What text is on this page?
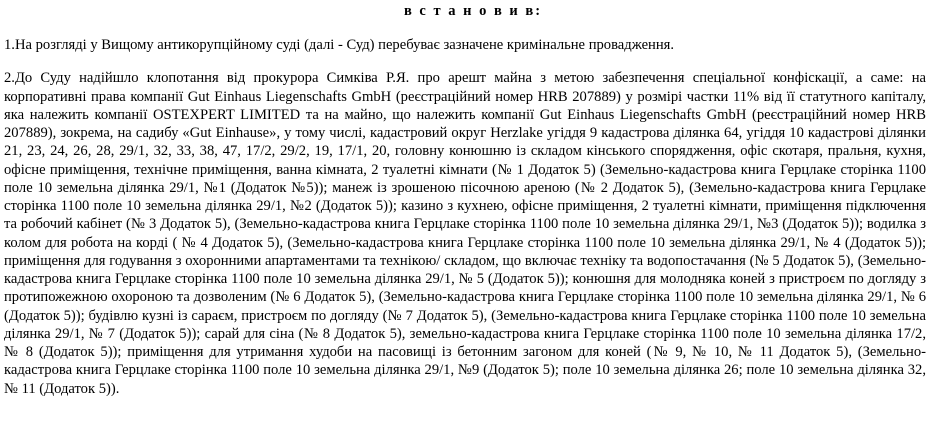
в с т а н о в и в:

1.На розгляді у Вищому антикорупційному суді (далі - Суд) перебуває зазначене кримінальне провадження.

2.До Суду надійшло клопотання від прокурора Симківа Р.Я. про арешт майна з метою забезпечення спеціальної конфіскації, а саме: на корпоративні права компанії Gut Einhaus Liegenschafts GmbH (реєстраційний номер HRB 207889) у розмірі частки 11% від її статутного капіталу, яка належить компанії OSTEXPERT LIMITED та на майно, що належить компанії Gut Einhaus Liegenschafts GmbH (реєстраційний номер HRB 207889), зокрема, на садибу «Gut Einhause», у тому числі, кадастровий округ Herzlake угіддя 9 кадастрова ділянка 64, угіддя 10 кадастрові ділянки 21, 23, 24, 26, 28, 29/1, 32, 33, 38, 47, 17/2, 29/2, 19, 17/1, 20, головну конюшню із складом кінського спорядження, офіс скотаря, пральня, кухня, офісне приміщення, технічне приміщення, ванна кімната, 2 туалетні кімнати (№ 1 Додаток 5) (Земельно-кадастрова книга Герцлаке сторінка 1100 поле 10 земельна ділянка 29/1, №1 (Додаток №5)); манеж із зрошеною пісочною ареною (№ 2 Додаток 5), (Земельно-кадастрова книга Герцлаке сторінка 1100 поле 10 земельна ділянка 29/1, №2 (Додаток 5)); казино з кухнею, офісне приміщення, 2 туалетні кімнати, приміщення підключення та робочий кабінет (№ 3 Додаток 5), (Земельно-кадастрова книга Герцлаке сторінка 1100 поле 10 земельна ділянка 29/1, №3 (Додаток 5)); водилка з колом для робота на корді ( № 4 Додаток 5), (Земельно-кадастрова книга Герцлаке сторінка 1100 поле 10 земельна ділянка 29/1, № 4 (Додаток 5)); приміщення для годування з охоронними апартаментами та технікою/ складом, що включає техніку та водопостачання (№ 5 Додаток 5), (Земельно-кадастрова книга Герцлаке сторінка 1100 поле 10 земельна ділянка 29/1, № 5 (Додаток 5)); конюшня для молодняка коней з пристроєм по догляду з протипожежною охороною та дозволеним (№ 6 Додаток 5), (Земельно-кадастрова книга Герцлаке сторінка 1100 поле 10 земельна ділянка 29/1, № 6 (Додаток 5)); будівлю кузні із сараєм, пристроєм по догляду (№ 7 Додаток 5), (Земельно-кадастрова книга Герцлаке сторінка 1100 поле 10 земельна ділянка 29/1, № 7 (Додаток 5)); сарай для сіна (№ 8 Додаток 5), земельно-кадастрова книга Герцлаке сторінка 1100 поле 10 земельна ділянка 17/2, № 8 (Додаток 5)); приміщення для утримання худоби на пасовищі із бетонним загоном для коней (№ 9, № 10, № 11 Додаток 5), (Земельно-кадастрова книга Герцлаке сторінка 1100 поле 10 земельна ділянка 29/1, №9 (Додаток 5); поле 10 земельна ділянка 26; поле 10 земельна ділянка 32, № 11 (Додаток 5)).
